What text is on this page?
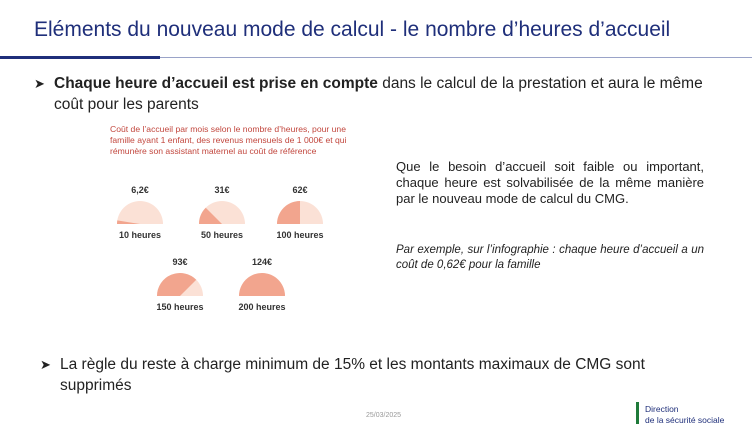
Eléments du nouveau mode de calcul - le nombre d’heures d’accueil
➤ Chaque heure d’accueil est prise en compte dans le calcul de la prestation et aura le même coût pour les parents
Coût de l’accueil par mois selon le nombre d’heures, pour une famille ayant 1 enfant, des revenus mensuels de 1 000€ et qui rémunère son assistant maternel au coût de référence
6,2€
10 heures
31€
50 heures
62€
100 heures
93€
150 heures
124€
200 heures
Que le besoin d’accueil soit faible ou important, chaque heure est solvabilisée de la même manière par le nouveau mode de calcul du CMG.
Par exemple, sur l’infographie : chaque heure d’accueil a un coût de 0,62€ pour la famille
➤ La règle du reste à charge minimum de 15% et les montants maximaux de CMG sont supprimés
25/03/2025
Direction
de la sécurité sociale
